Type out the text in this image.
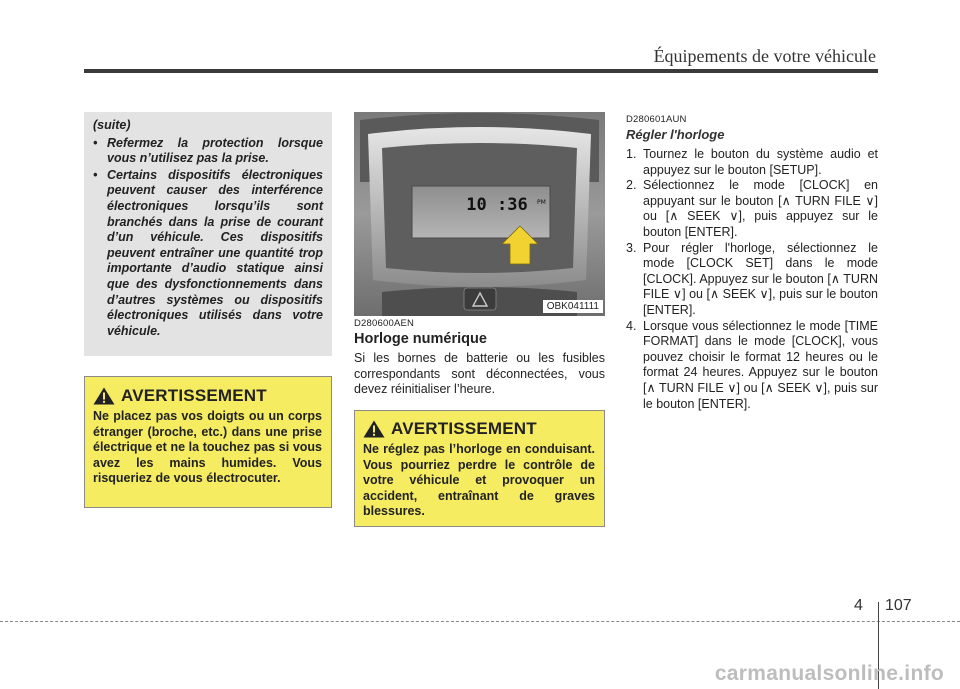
Équipements de votre véhicule
(suite)
• Refermez la protection lorsque vous n’utilisez pas la prise.
• Certains dispositifs électroniques peuvent causer des interférence électroniques lorsqu’ils sont branchés dans la prise de courant d’un véhicule. Ces dispositifs peuvent entraîner une quantité trop importante d’audio statique ainsi que des dysfonctionnements dans d’autres systèmes ou dispositifs électroniques utilisés dans votre véhicule.
AVERTISSEMENT
Ne placez pas vos doigts ou un corps étranger (broche, etc.) dans une prise électrique et ne la touchez pas si vous avez les mains humides. Vous risqueriez de vous électrocuter.
10 :36 PM
OBK041111
D280600AEN
Horloge numérique
Si les bornes de batterie ou les fusibles correspondants sont déconnectées, vous devez réinitialiser l’heure.
AVERTISSEMENT
Ne réglez pas l’horloge en conduisant. Vous pourriez perdre le contrôle de votre véhicule et provoquer un accident, entraînant de graves blessures.
D280601AUN
Régler l'horloge
1. Tournez le bouton du système audio et appuyez sur le bouton [SETUP].
2. Sélectionnez le mode [CLOCK] en appuyant sur le bouton [∧ TURN FILE ∨] ou [∧ SEEK ∨], puis appuyez sur le bouton [ENTER].
3. Pour régler l'horloge, sélectionnez le mode [CLOCK SET] dans le mode [CLOCK]. Appuyez sur le bouton [∧ TURN FILE ∨] ou [∧ SEEK ∨], puis sur le bouton [ENTER].
4. Lorsque vous sélectionnez le mode [TIME FORMAT] dans le mode [CLOCK], vous pouvez choisir le format 12 heures ou le format 24 heures. Appuyez sur le bouton [∧ TURN FILE ∨] ou [∧ SEEK ∨], puis sur le bouton [ENTER].
4 107
carmanualsonline.info
